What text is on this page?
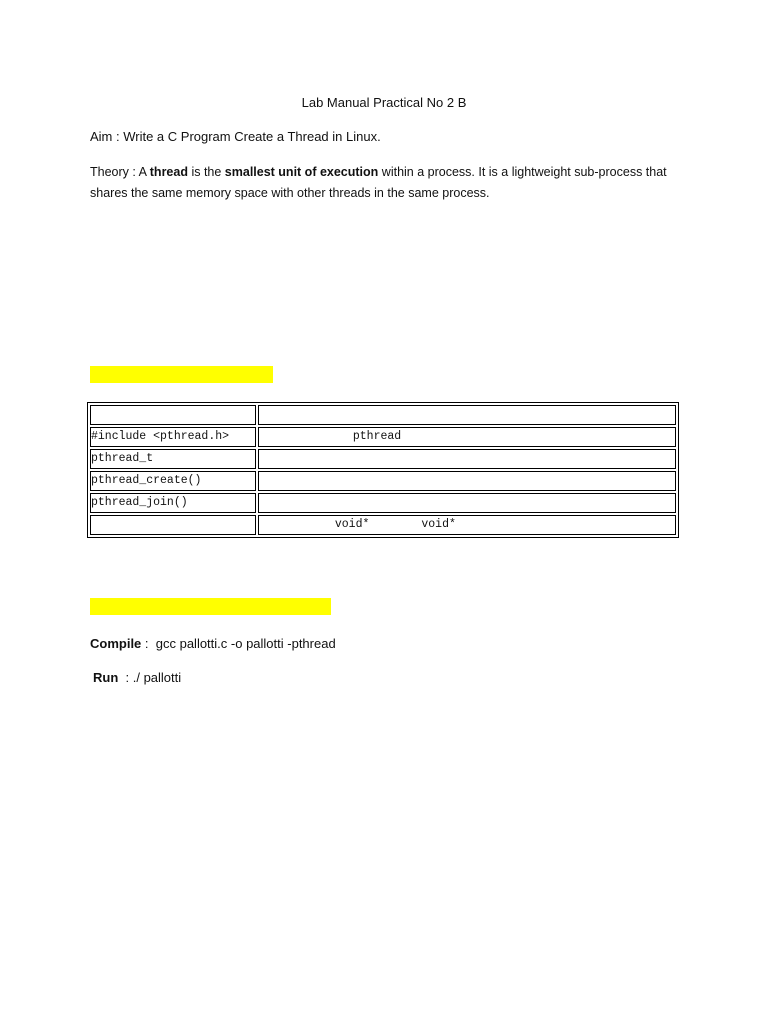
Lab Manual Practical No 2 B
Aim : Write a C Program Create a Thread in Linux.
Theory : A thread is the smallest unit of execution within a process. It is a lightweight sub-process that shares the same memory space with other threads in the same process.

#include <pthread.h>	pthread
pthread_t	
pthread_create()	
pthread_join()	
	void* void*
Compile :  gcc pallotti.c -o pallotti -pthread
Run  : ./ pallotti
